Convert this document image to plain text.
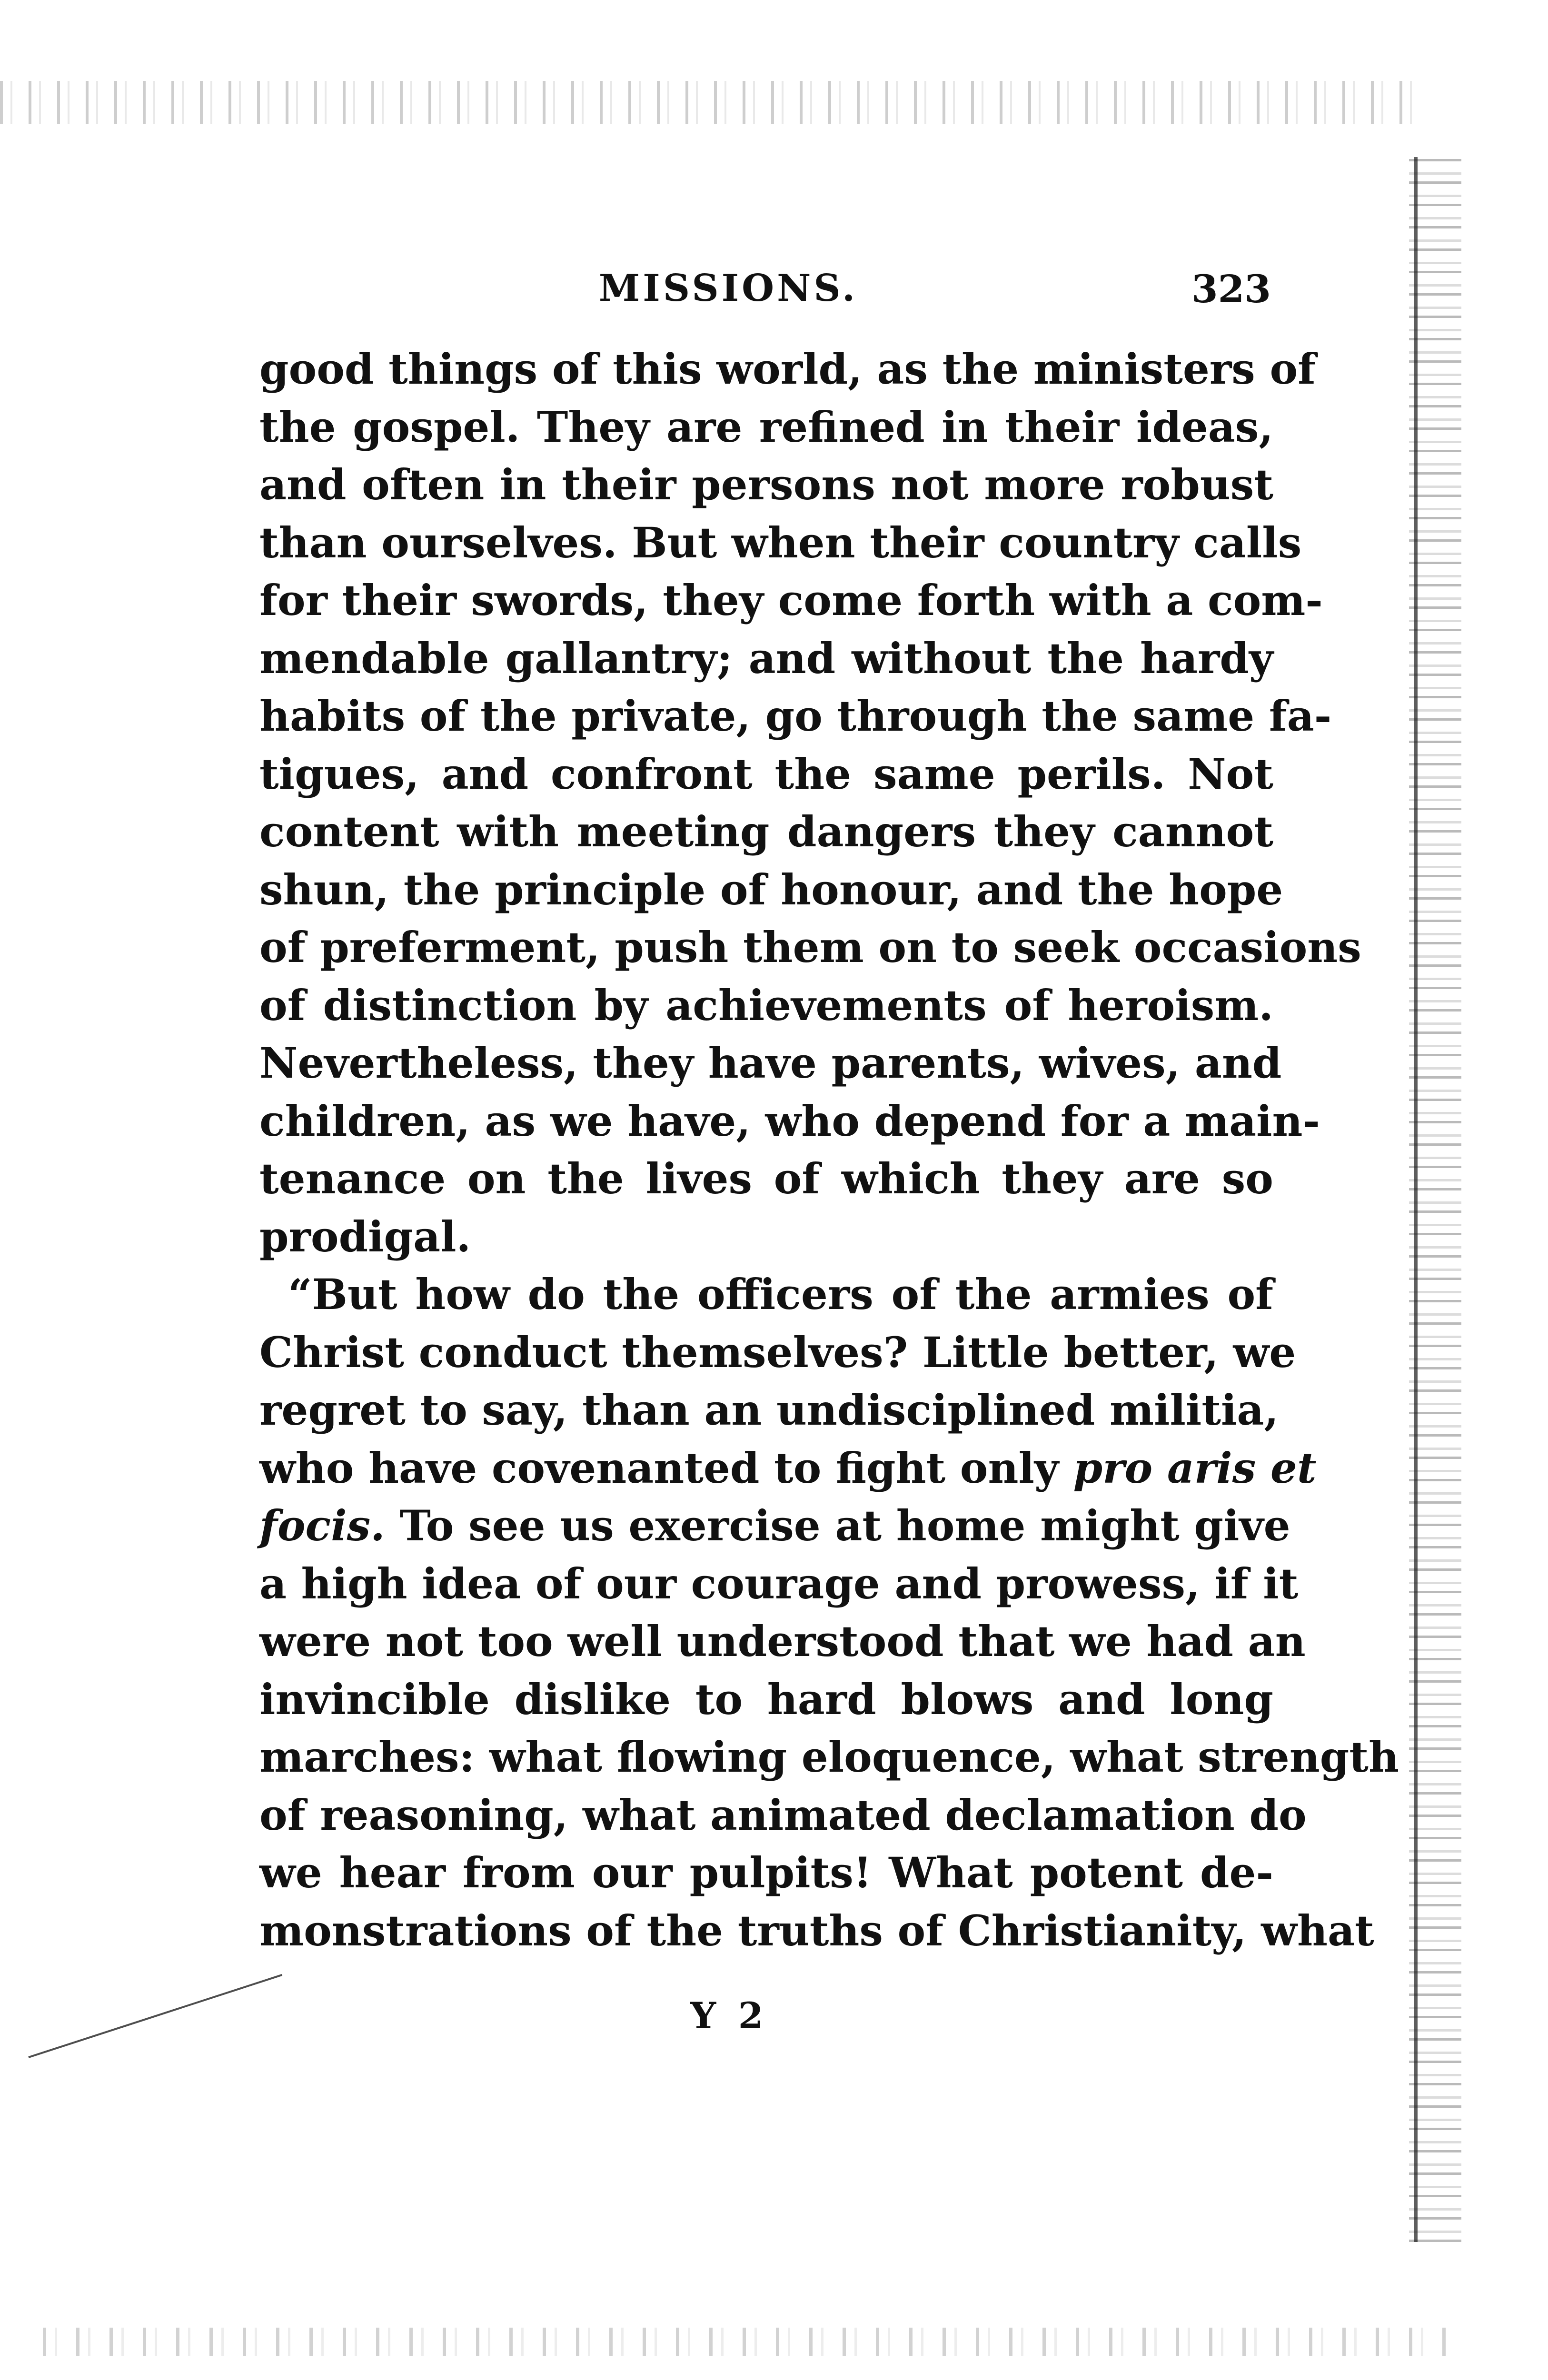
MISSIONS.	323
good things of this world, as the ministers of
the gospel. They are refined in their ideas,
and often in their persons not more robust
than ourselves. But when their country calls
for their swords, they come forth with a com-
mendable gallantry; and without the hardy
habits of the private, go through the same fa-
tigues, and confront the same perils. Not
content with meeting dangers they cannot
shun, the principle of honour, and the hope
of preferment, push them on to seek occasions
of distinction by achievements of heroism.
Nevertheless, they have parents, wives, and
children, as we have, who depend for a main-
tenance on the lives of which they are so
prodigal.
“But how do the officers of the armies of
Christ conduct themselves? Little better, we
regret to say, than an undisciplined militia,
who have covenanted to fight only pro aris et
focis. To see us exercise at home might give
a high idea of our courage and prowess, if it
were not too well understood that we had an
invincible dislike to hard blows and long
marches: what flowing eloquence, what strength
of reasoning, what animated declamation do
we hear from our pulpits! What potent de-
monstrations of the truths of Christianity, what
Y 2
